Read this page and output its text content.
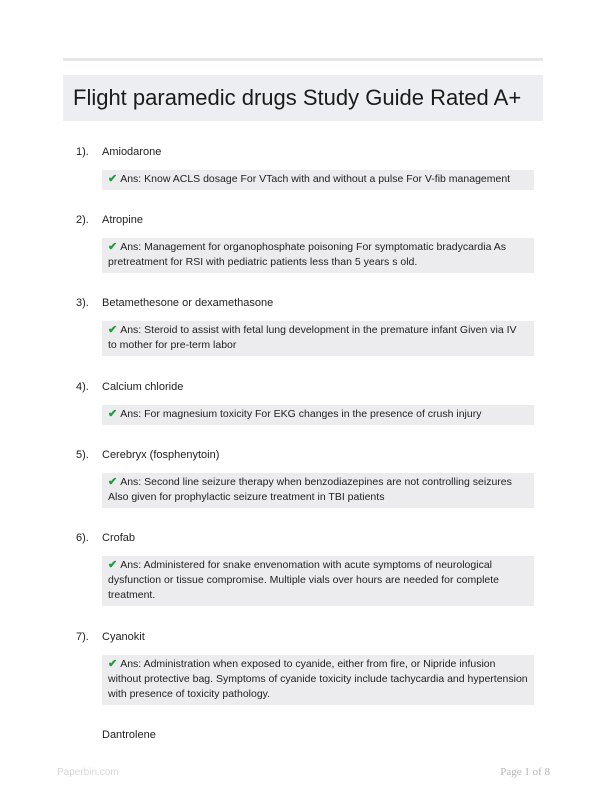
Flight paramedic drugs Study Guide Rated A+
1). Amiodarone
✔ Ans: Know ACLS dosage For VTach with and without a pulse For V-fib management
2). Atropine
✔ Ans: Management for organophosphate poisoning For symptomatic bradycardia As pretreatment for RSI with pediatric patients less than 5 years s old.
3). Betamethesone or dexamethasone
✔ Ans: Steroid to assist with fetal lung development in the premature infant Given via IV to mother for pre-term labor
4). Calcium chloride
✔ Ans: For magnesium toxicity For EKG changes in the presence of crush injury
5). Cerebryx (fosphenytoin)
✔ Ans: Second line seizure therapy when benzodiazepines are not controlling seizures Also given for prophylactic seizure treatment in TBI patients
6). Crofab
✔ Ans: Administered for snake envenomation with acute symptoms of neurological dysfunction or tissue compromise. Multiple vials over hours are needed for complete treatment.
7). Cyanokit
✔ Ans: Administration when exposed to cyanide, either from fire, or Nipride infusion without protective bag. Symptoms of cyanide toxicity include tachycardia and hypertension with presence of toxicity pathology.
Dantrolene
Paperbin.com	Page 1 of 8
